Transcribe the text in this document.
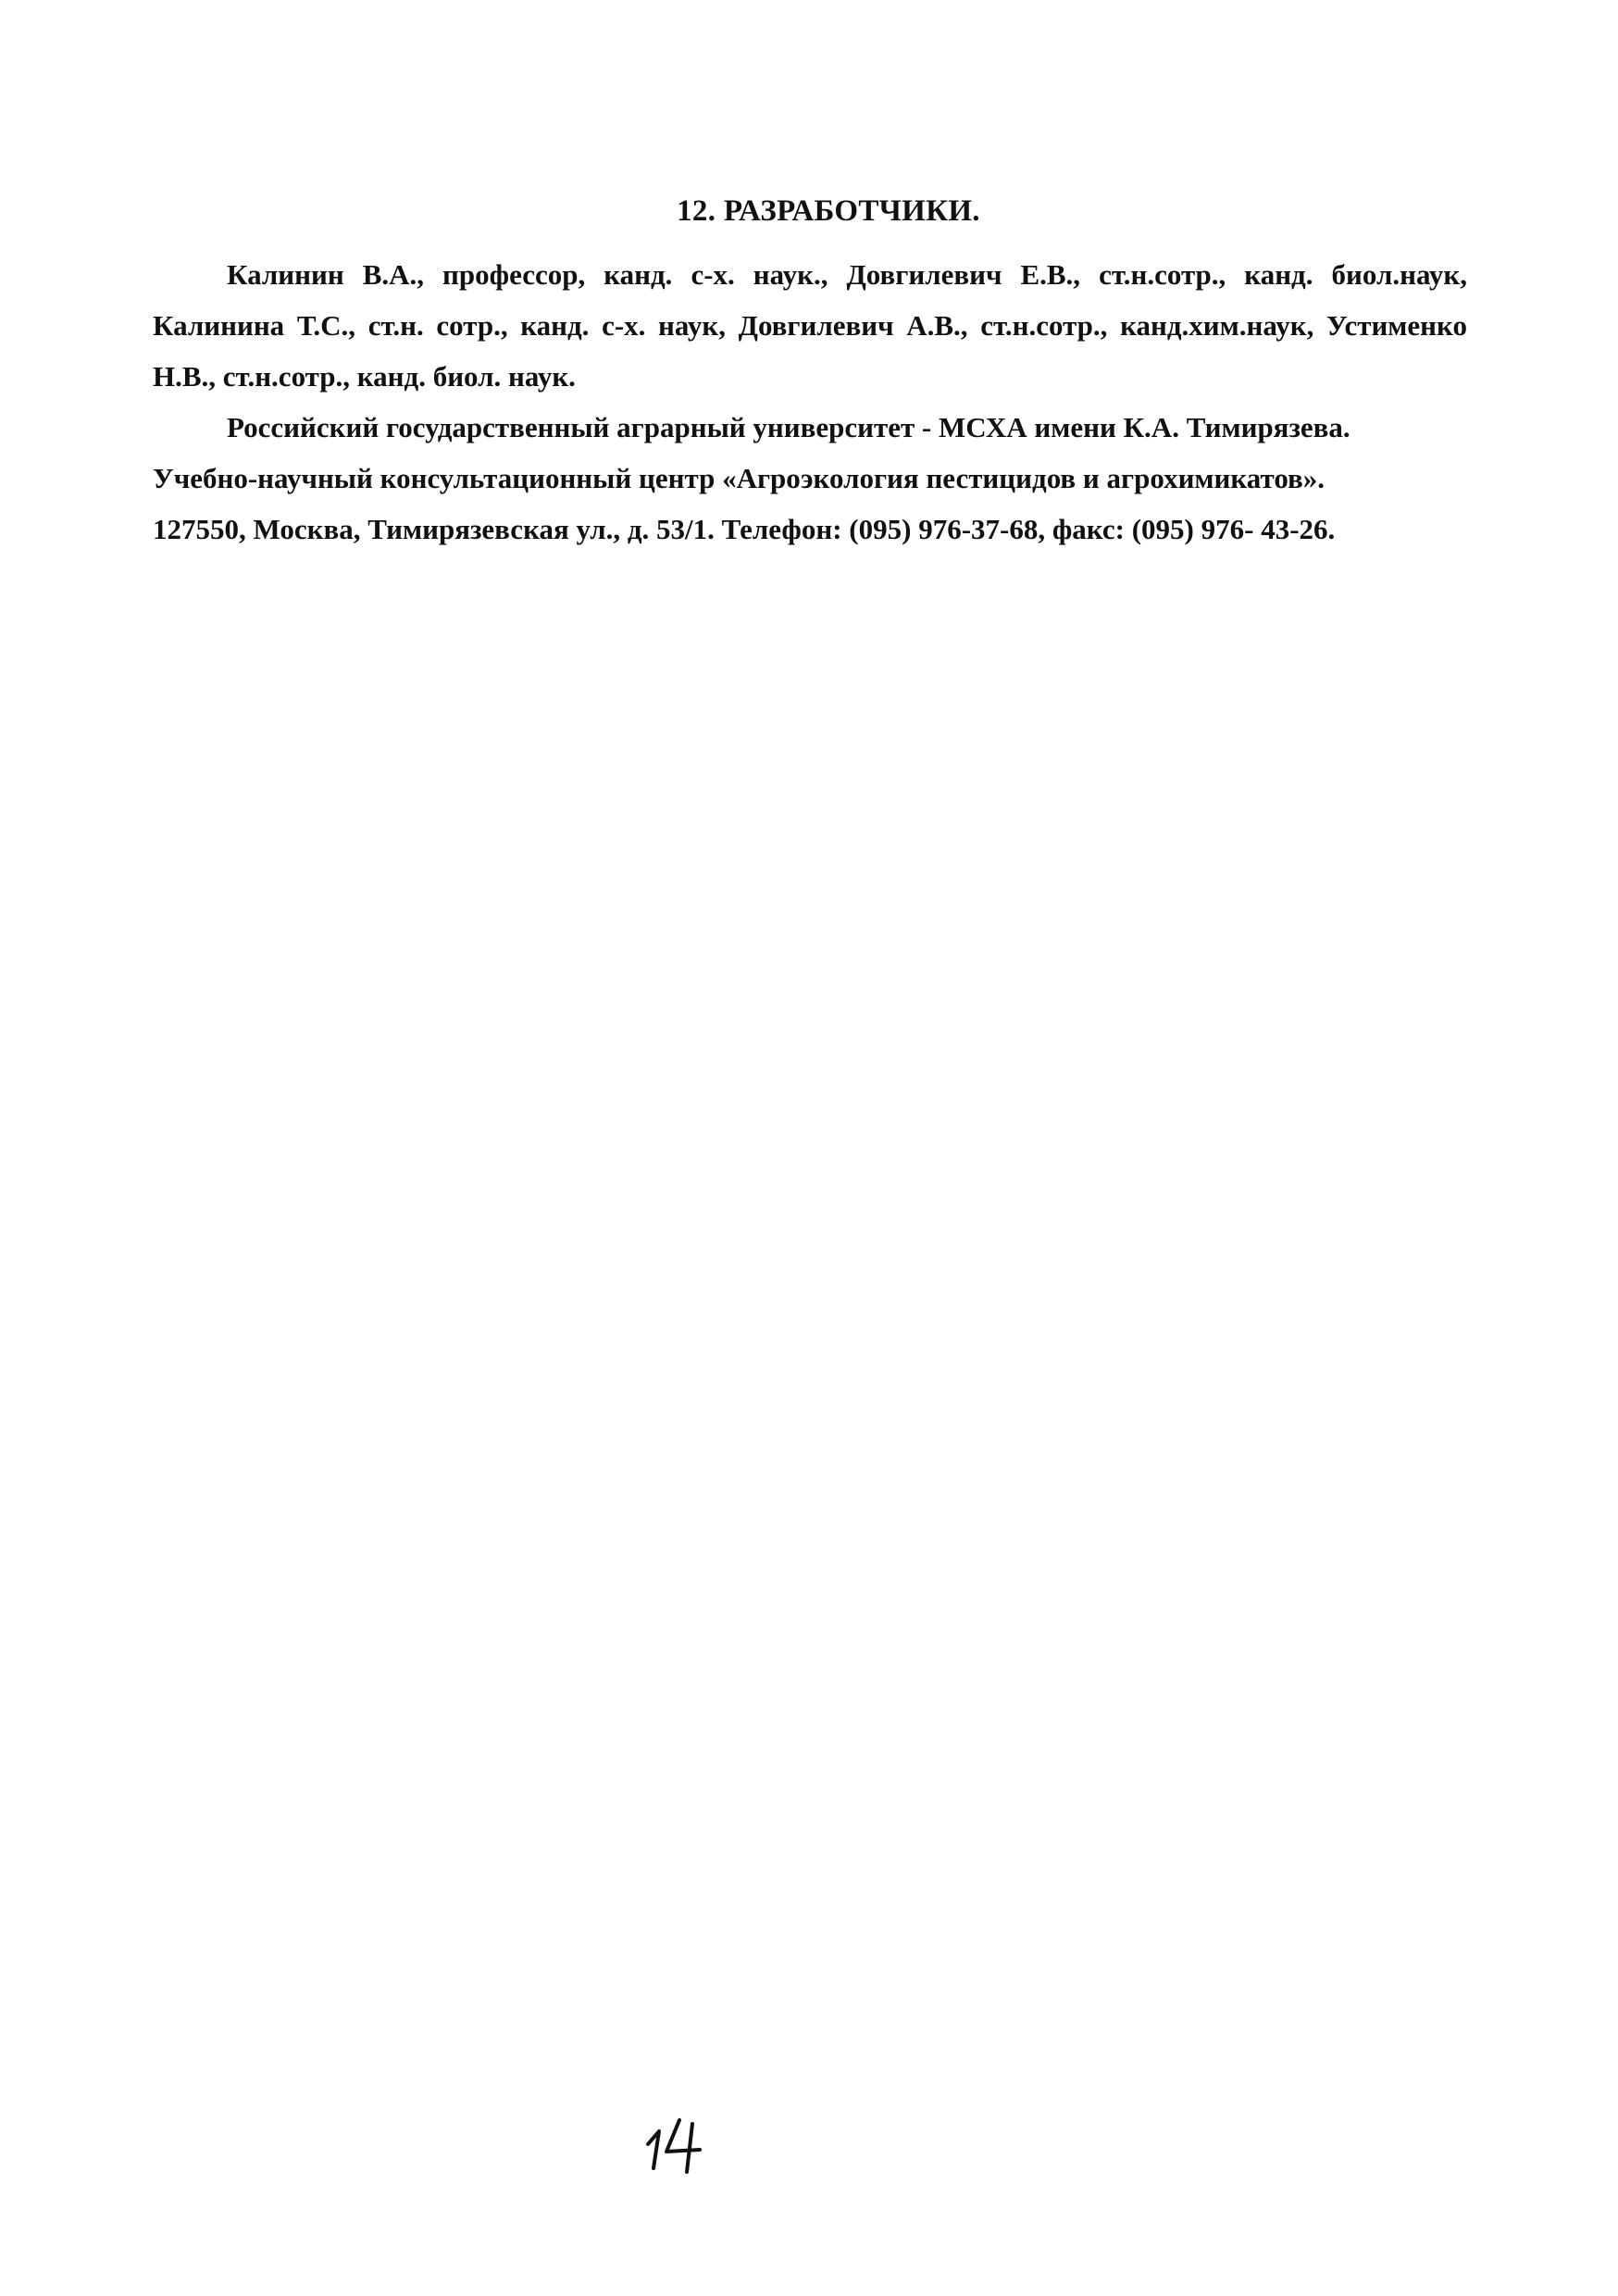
12. РАЗРАБОТЧИКИ.

Калинин В.А., профессор, канд. с-х. наук., Довгилевич Е.В., ст.н.сотр., канд. биол.наук, Калинина Т.С., ст.н. сотр., канд. с-х. наук, Довгилевич А.В., ст.н.сотр., канд.хим.наук, Устименко Н.В., ст.н.сотр., канд. биол. наук.

Российский государственный аграрный университет - МСХА имени К.А. Тимирязева.

Учебно-научный консультационный центр «Агроэкология пестицидов и агрохимикатов».

127550, Москва, Тимирязевская ул., д. 53/1. Телефон: (095) 976-37-68, факс: (095) 976- 43-26.
